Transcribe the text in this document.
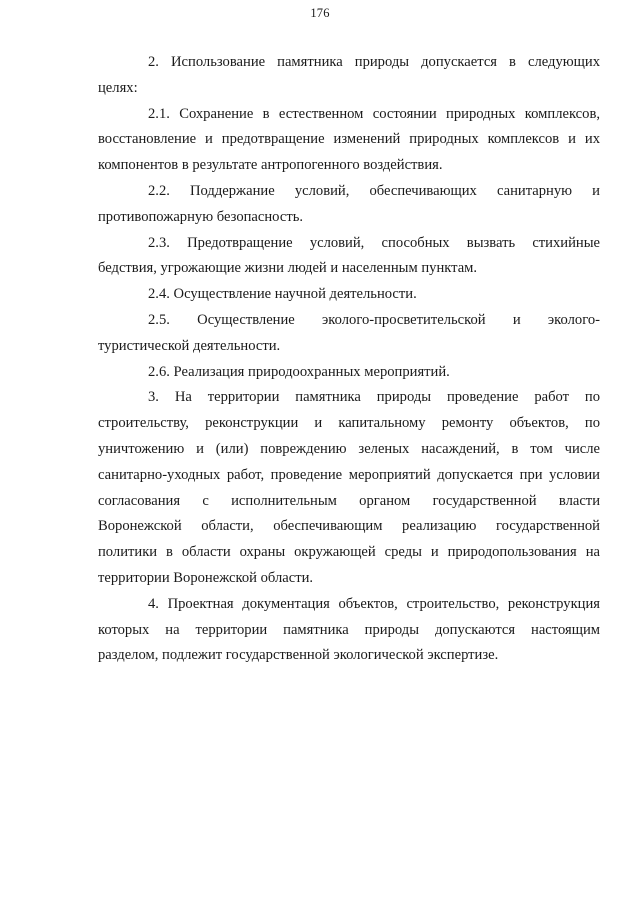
176
2. Использование памятника природы допускается в следующих
целях:
2.1. Сохранение в естественном состоянии природных комплексов,
восстановление и предотвращение изменений природных комплексов и их
компонентов в результате антропогенного воздействия.
2.2. Поддержание условий, обеспечивающих санитарную и
противопожарную безопасность.
2.3. Предотвращение условий, способных вызвать стихийные
бедствия, угрожающие жизни людей и населенным пунктам.
2.4. Осуществление научной деятельности.
2.5. Осуществление эколого-просветительской и эколого-
туристической деятельности.
2.6. Реализация природоохранных мероприятий.
3. На территории памятника природы проведение работ по
строительству, реконструкции и капитальному ремонту объектов, по
уничтожению и (или) повреждению зеленых насаждений, в том числе
санитарно-уходных работ, проведение мероприятий допускается при условии
согласования с исполнительным органом государственной власти
Воронежской области, обеспечивающим реализацию государственной
политики в области охраны окружающей среды и природопользования на
территории Воронежской области.
4. Проектная документация объектов, строительство, реконструкция
которых на территории памятника природы допускаются настоящим
разделом, подлежит государственной экологической экспертизе.
